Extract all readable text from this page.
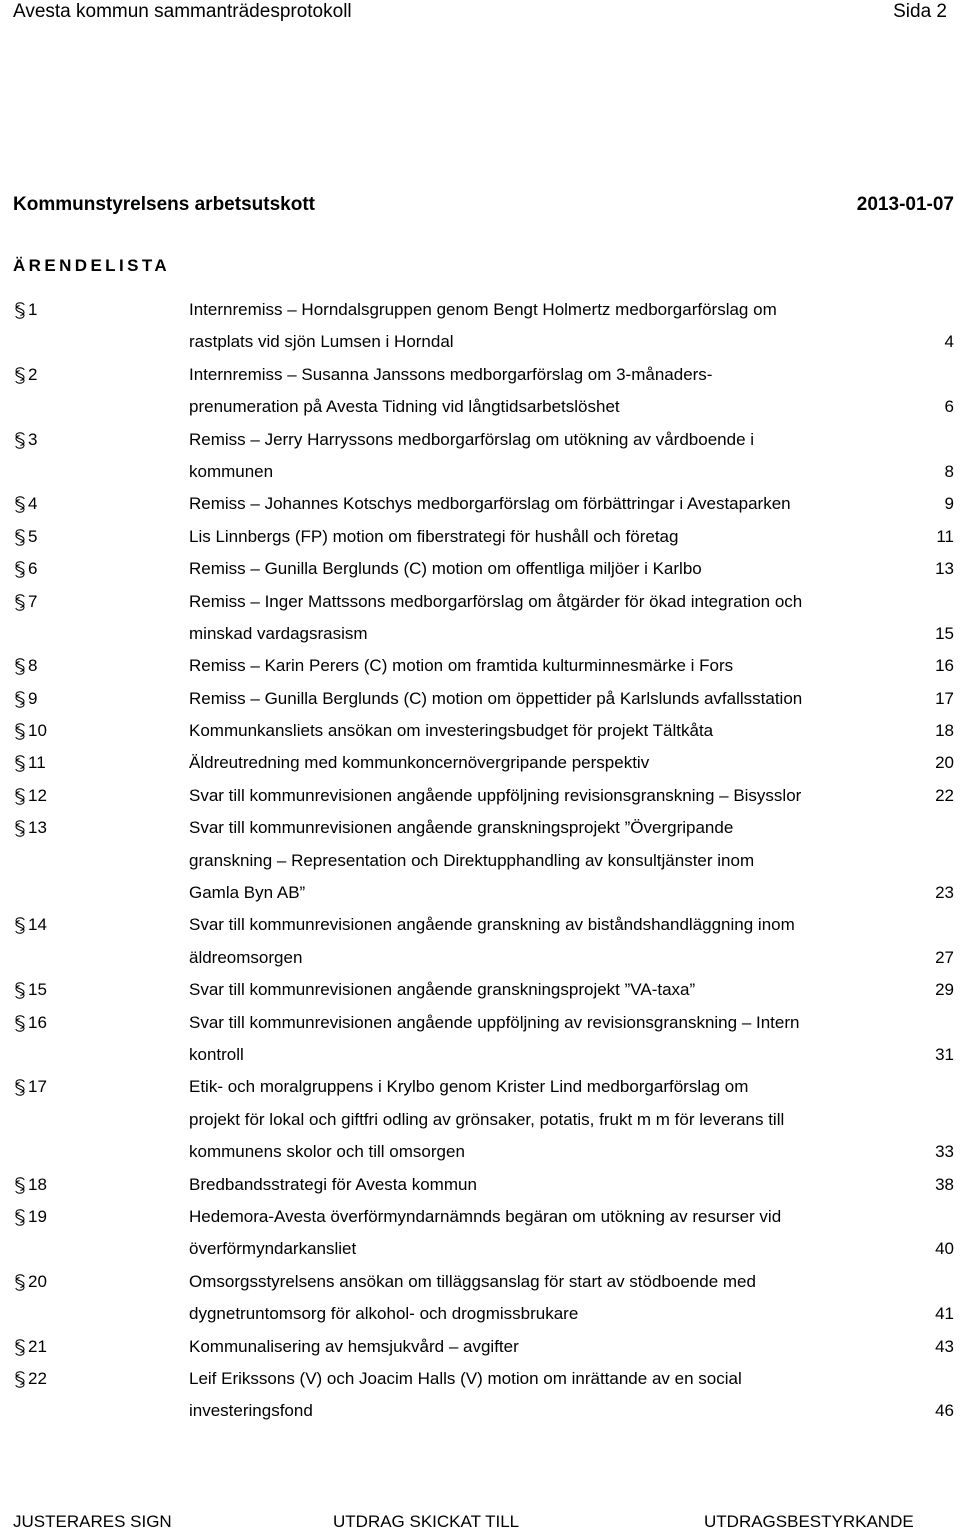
Avesta kommun sammanträdesprotokoll	Sida 2
Kommunstyrelsens arbetsutskott	2013-01-07
ÄRENDELISTA
1	Internremiss – Horndalsgruppen genom Bengt Holmertz medborgarförslag om
rastplats vid sjön Lumsen i Horndal	4
2	Internremiss – Susanna Janssons medborgarförslag om 3-månaders-
prenumeration på Avesta Tidning vid långtidsarbetslöshet	6
3	Remiss – Jerry Harryssons medborgarförslag om utökning av vårdboende i
kommunen	8
4	Remiss – Johannes Kotschys medborgarförslag om förbättringar i Avestaparken	9
5	Lis Linnbergs (FP) motion om fiberstrategi för hushåll och företag	11
6	Remiss – Gunilla Berglunds (C) motion om offentliga miljöer i Karlbo	13
7	Remiss – Inger Mattssons medborgarförslag om åtgärder för ökad integration och
minskad vardagsrasism	15
8	Remiss – Karin Perers (C) motion om framtida kulturminnesmärke i Fors	16
9	Remiss – Gunilla Berglunds (C) motion om öppettider på Karlslunds avfallsstation	17
10	Kommunkansliets ansökan om investeringsbudget för projekt Tältkåta	18
11	Äldreutredning med kommunkoncernövergripande perspektiv	20
12	Svar till kommunrevisionen angående uppföljning revisionsgranskning – Bisysslor	22
13	Svar till kommunrevisionen angående granskningsprojekt ”Övergripande
granskning – Representation och Direktupphandling av konsultjänster inom
Gamla Byn AB”	23
14	Svar till kommunrevisionen angående granskning av biståndshandläggning inom
äldreomsorgen	27
15	Svar till kommunrevisionen angående granskningsprojekt ”VA-taxa”	29
16	Svar till kommunrevisionen angående uppföljning av revisionsgranskning – Intern
kontroll	31
17	Etik- och moralgruppens i Krylbo genom Krister Lind medborgarförslag om
projekt för lokal och giftfri odling av grönsaker, potatis, frukt m m för leverans till
kommunens skolor och till omsorgen	33
18	Bredbandsstrategi för Avesta kommun	38
19	Hedemora-Avesta överförmyndarnämnds begäran om utökning av resurser vid
överförmyndarkansliet	40
20	Omsorgsstyrelsens ansökan om tilläggsanslag för start av stödboende med
dygnetruntomsorg för alkohol- och drogmissbrukare	41
21	Kommunalisering av hemsjukvård – avgifter	43
22	Leif Erikssons (V) och Joacim Halls (V) motion om inrättande av en social
investeringsfond	46
JUSTERARES SIGN	UTDRAG SKICKAT TILL	UTDRAGSBESTYRKANDE
